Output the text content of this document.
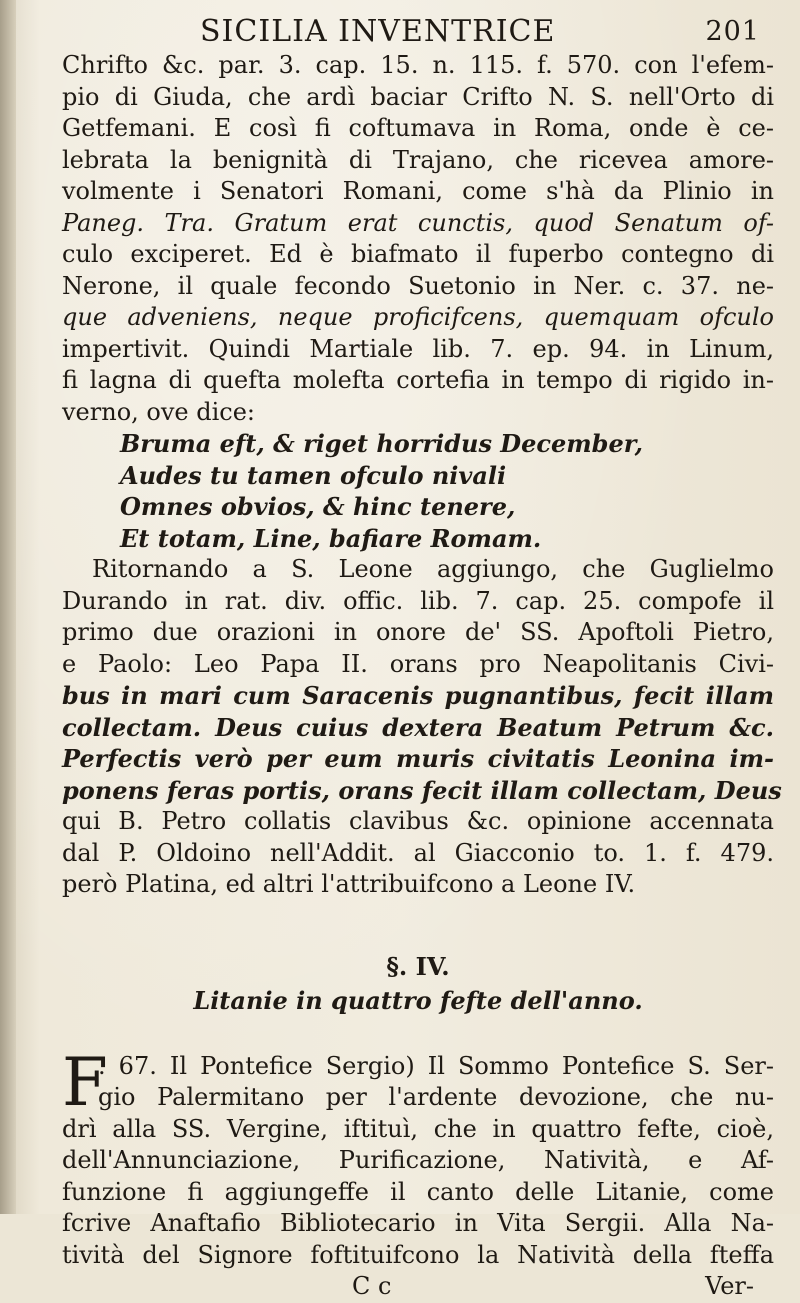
SICILIA INVENTRICE	201
Chrifto &c. par. 3. cap. 15. n. 115. f. 570. con l'efem-
pio di Giuda, che ardì baciar Crifto N. S. nell'Orto di
Getfemani. E così fi coftumava in Roma, onde è ce-
lebrata la benignità di Trajano, che ricevea amore-
volmente i Senatori Romani, come s'hà da Plinio in
Paneg. Tra. Gratum erat cunctis, quod Senatum of-
culo exciperet. Ed è biafmato il fuperbo contegno di
Nerone, il quale fecondo Suetonio in Ner. c. 37. ne-
que adveniens, neque proficifcens, quemquam ofculo
impertivit. Quindi Martiale lib. 7. ep. 94. in Linum,
fi lagna di quefta molefta cortefia in tempo di rigido in-
verno, ove dice:
Bruma eft, & riget horridus December,
Audes tu tamen ofculo nivali
Omnes obvios, & hinc tenere,
Et totam, Line, bafiare Romam.
Ritornando a S. Leone aggiungo, che Guglielmo
Durando in rat. div. offic. lib. 7. cap. 25. compofe il
primo due orazioni in onore de' SS. Apoftoli Pietro,
e Paolo: Leo Papa II. orans pro Neapolitanis Civi-
bus in mari cum Saracenis pugnantibus, fecit illam
collectam. Deus cuius dextera Beatum Petrum &c.
Perfectis verò per eum muris civitatis Leonina im-
ponens feras portis, orans fecit illam collectam, Deus
qui B. Petro collatis clavibus &c. opinione accennata
dal P. Oldoino nell'Addit. al Giacconio to. 1. f. 479.
però Platina, ed altri l'attribuifcono a Leone IV.
§. IV.
Litanie in quattro fefte dell'anno.
F
. 67. Il Pontefice Sergio) Il Sommo Pontefice S. Ser-
gio Palermitano per l'ardente devozione, che nu-
drì alla SS. Vergine, iftituì, che in quattro fefte, cioè,
dell'Annunciazione, Purificazione, Natività, e Af-
funzione fi aggiungeffe il canto delle Litanie, come
fcrive Anaftafio Bibliotecario in Vita Sergii. Alla Na-
tività del Signore foftituifcono la Natività della fteffa
C c	Ver-
